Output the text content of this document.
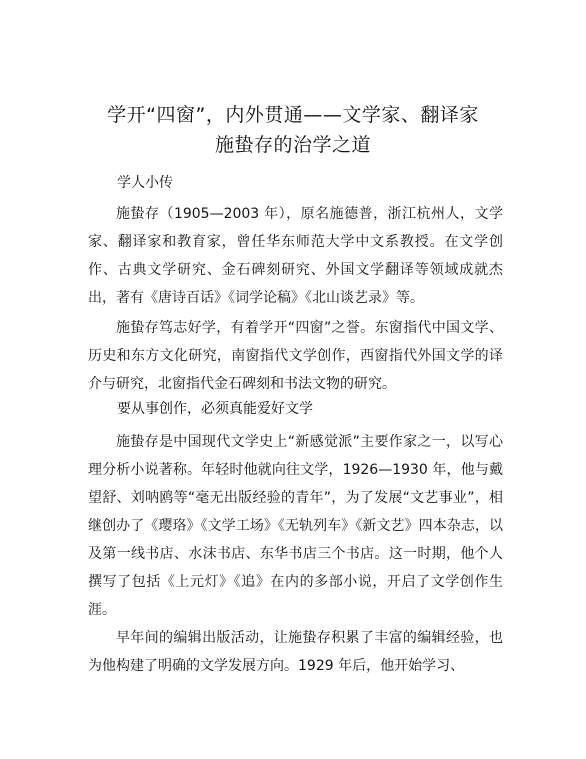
学开“四窗”，内外贯通——文学家、翻译家
施蛰存的治学之道
学人小传
施蛰存（1905—2003 年），原名施德普，浙江杭州人，文学家、翻译家和教育家，曾任华东师范大学中文系教授。在文学创作、古典文学研究、金石碑刻研究、外国文学翻译等领域成就杰出，著有《唐诗百话》《词学论稿》《北山谈艺录》等。
施蛰存笃志好学，有着学开“四窗”之誉。东窗指代中国文学、历史和东方文化研究，南窗指代文学创作，西窗指代外国文学的译介与研究，北窗指代金石碑刻和书法文物的研究。
要从事创作，必须真能爱好文学
施蛰存是中国现代文学史上“新感觉派”主要作家之一，以写心理分析小说著称。年轻时他就向往文学，1926—1930 年，他与戴望舒、刘呐鸥等“毫无出版经验的青年”，为了发展“文艺事业”，相继创办了《璎珞》《文学工场》《无轨列车》《新文艺》四本杂志，以及第一线书店、水沫书店、东华书店三个书店。这一时期，他个人撰写了包括《上元灯》《追》在内的多部小说，开启了文学创作生涯。
早年间的编辑出版活动，让施蛰存积累了丰富的编辑经验，也为他构建了明确的文学发展方向。1929 年后，他开始学习、
